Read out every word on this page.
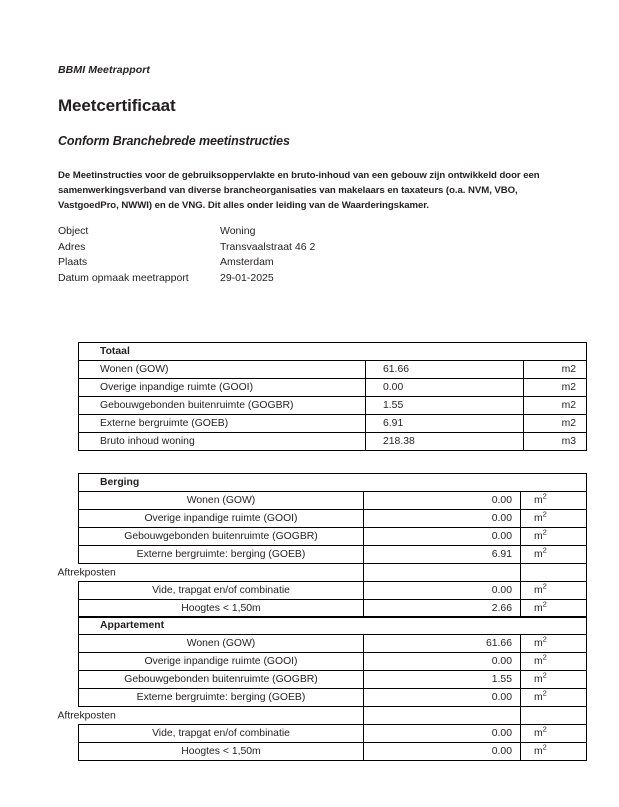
BBMI Meetrapport
Meetcertificaat
Conform Branchebrede meetinstructies
De Meetinstructies voor de gebruiksoppervlakte en bruto-inhoud van een gebouw zijn ontwikkeld door een samenwerkingsverband van diverse brancheorganisaties van makelaars en taxateurs (o.a. NVM, VBO, VastgoedPro, NWWI) en de VNG. Dit alles onder leiding van de Waarderingskamer.
Object	Woning
Adres	Transvaalstraat 46 2
Plaats	Amsterdam
Datum opmaak meetrapport	29-01-2025
Totaal		
Wonen (GOW)	61.66	m2
Overige inpandige ruimte (GOOI)	0.00	m2
Gebouwgebonden buitenruimte (GOGBR)	1.55	m2
Externe bergruimte (GOEB)	6.91	m2
Bruto inhoud woning	218.38	m3
Berging		
Wonen (GOW)	0.00	$m^2$
Overige inpandige ruimte (GOOI)	0.00	$m^2$
Gebouwgebonden buitenruimte (GOGBR)	0.00	$m^2$
Externe bergruimte: berging (GOEB)	6.91	$m^2$

Aftrekposten		

Vide, trapgat en/of combinatie	0.00	$m^2$
Hoogtes < 1,50m	2.66	$m^2$
Appartement		
Wonen (GOW)	61.66	$m^2$
Overige inpandige ruimte (GOOI)	0.00	$m^2$
Gebouwgebonden buitenruimte (GOGBR)	1.55	$m^2$
Externe bergruimte: berging (GOEB)	0.00	$m^2$

Aftrekposten		

Vide, trapgat en/of combinatie	0.00	$m^2$
Hoogtes < 1,50m	0.00	$m^2$
